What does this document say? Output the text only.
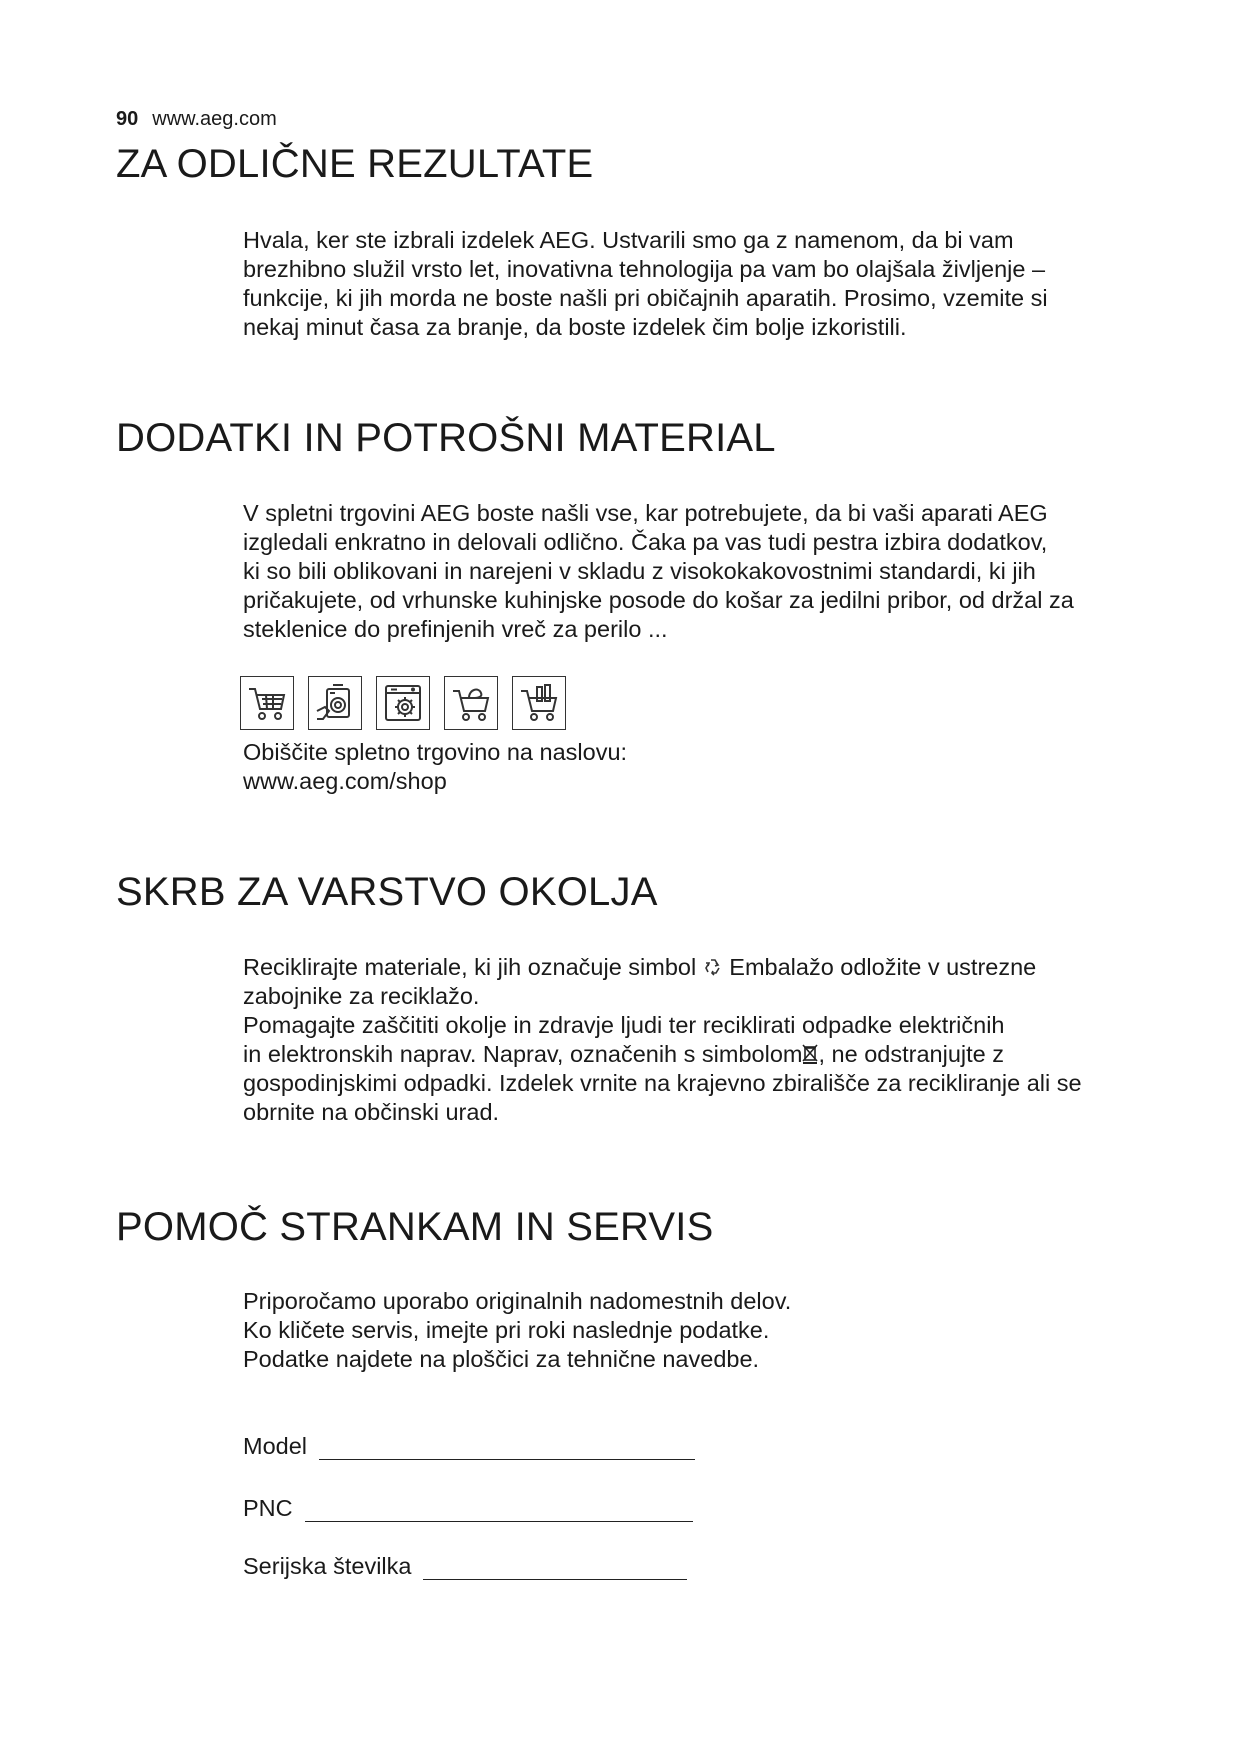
90 www.aeg.com
ZA ODLIČNE REZULTATE
Hvala, ker ste izbrali izdelek AEG. Ustvarili smo ga z namenom, da bi vam
brezhibno služil vrsto let, inovativna tehnologija pa vam bo olajšala življenje –
funkcije, ki jih morda ne boste našli pri običajnih aparatih. Prosimo, vzemite si
nekaj minut časa za branje, da boste izdelek čim bolje izkoristili.
DODATKI IN POTROŠNI MATERIAL
V spletni trgovini AEG boste našli vse, kar potrebujete, da bi vaši aparati AEG
izgledali enkratno in delovali odlično. Čaka pa vas tudi pestra izbira dodatkov,
ki so bili oblikovani in narejeni v skladu z visokokakovostnimi standardi, ki jih
pričakujete, od vrhunske kuhinjske posode do košar za jedilni pribor, od držal za
steklenice do prefinjenih vreč za perilo ...
Obiščite spletno trgovino na naslovu:
www.aeg.com/shop
SKRB ZA VARSTVO OKOLJA
Reciklirajte materiale, ki jih označuje simbol Embalažo odložite v ustrezne
zabojnike za reciklažo.
Pomagajte zaščititi okolje in zdravje ljudi ter reciklirati odpadke električnih
in elektronskih naprav. Naprav, označenih s simbolom , ne odstranjujte z
gospodinjskimi odpadki. Izdelek vrnite na krajevno zbirališče za recikliranje ali se
obrnite na občinski urad.
POMOČ STRANKAM IN SERVIS
Priporočamo uporabo originalnih nadomestnih delov.
Ko kličete servis, imejte pri roki naslednje podatke.
Podatke najdete na ploščici za tehnične navedbe.
Model
PNC
Serijska številka
